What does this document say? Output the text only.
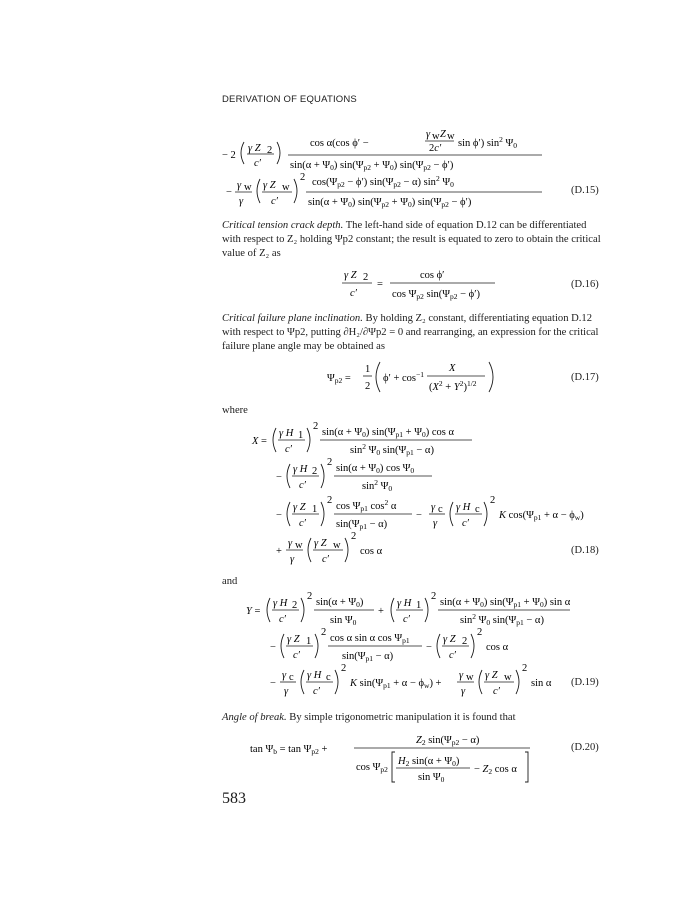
DERIVATION OF EQUATIONS
− 2
γ Z 2
c′
cos α(cos ϕ′ −
γ w Z w
2c′ sin ϕ′) $\sin^2 \Psi 0$
sin(α + Ψ0) sin(Ψp2 + Ψ0) sin(Ψp2 − ϕ′)
−
γ w
γ
γ Z w
c′
2 cos(Ψp2 − ϕ′) sin(Ψp2 − α) $\sin^2 \Psi 0$
sin(α + Ψ0) sin(Ψp2 + Ψ0) sin(Ψp2 − ϕ′)
(D.15)
Critical tension crack depth. The left-hand side of equation D.12 can be differentiated with respect to Z₂ holding Ψp2 constant; the result is equated to zero to obtain the critical value of Z₂ as
γ Z 2
c′
=
cos ϕ′
cos Ψp2 sin(Ψp2 − ϕ′)
(D.16)
Critical failure plane inclination. By holding Z₂ constant, differentiating equation D.12 with respect to Ψp2, putting ∂H₂/∂Ψp2 = 0 and rearranging, an expression for the critical failure plane angle may be obtained as
Ψp2 =
1
2
$\phi' + \cos^{-1}$
X
$(X^2 + Y^2)^{1/2}$
(D.17)
where
X =
γ H 1
c′
2
sin(α + Ψ0) sin(Ψp1 + Ψ0) cos α
$\sin^2 \Psi 0$ sin(Ψp1 − α)
−
γ H 2
c′
2
sin(α + Ψ0) cos Ψ0
$\sin^2 \Psi 0$
−
γ Z 1
c′
2
cos Ψp1 $\cos^2 \alpha$
sin(Ψp1 − α)
−
γ c
γ
γ H c
c′
2
K cos(Ψp1 + α − ϕw)
+
γ w
γ
γ Z w
c′
2
cos α	(D.18)
and
Y =
γ H 2
c′
2
sin(α + Ψ0)
sin Ψ0
+
γ H 1
c′
2
sin(α + Ψ0) sin(Ψp1 + Ψ0) sin α
$\sin^2 \Psi 0$ sin(Ψp1 − α)
−
γ Z 1
c′
2
cos α sin α cos Ψp1
sin(Ψp1 − α)
−
γ Z 2
c′
2
cos α
−
γ c
γ
γ H c
c′
2
K sin(Ψp1 + α − ϕw) +
γ w
γ
γ Z w
c′
2
sin α (D.19)
Angle of break. By simple trigonometric manipulation it is found that
tan Ψb = tan Ψp2 +
Z2 sin(Ψp2 − α)
cos Ψp2
H2 sin(α + Ψ0)
sin Ψ0
− Z2 cos α
(D.20)
583
